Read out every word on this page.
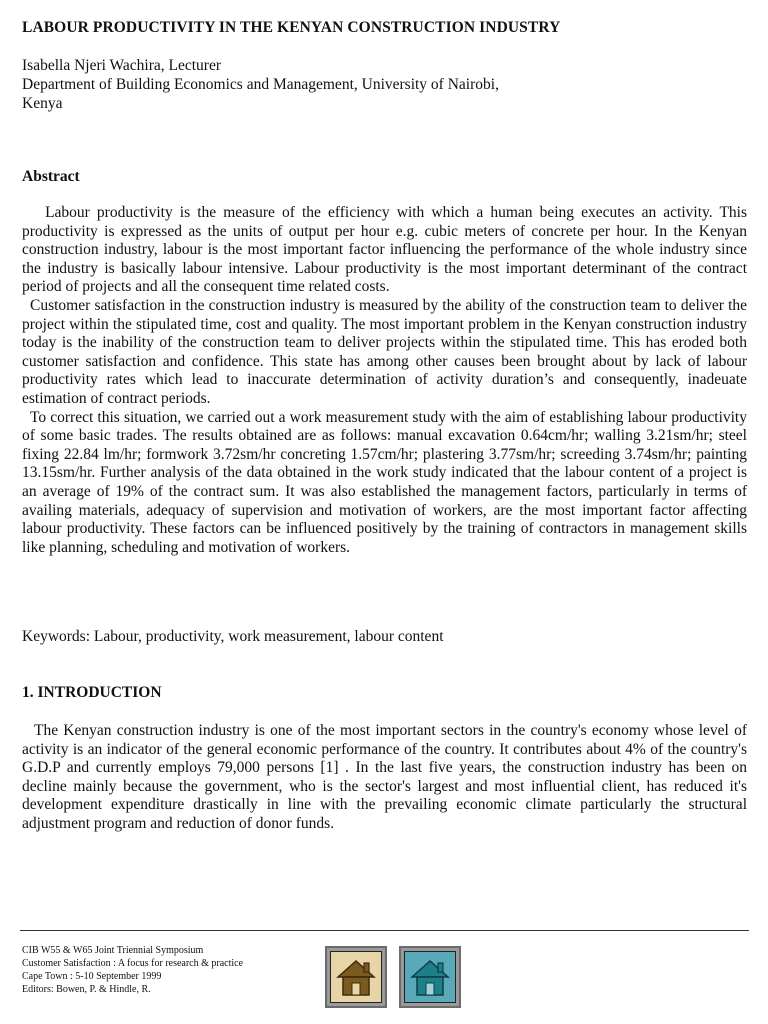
LABOUR PRODUCTIVITY IN THE KENYAN CONSTRUCTION INDUSTRY
Isabella Njeri Wachira, Lecturer
Department of Building Economics and Management, University of Nairobi,
Kenya
Abstract

Labour productivity is the measure of the efficiency with which a human being executes an activity. This productivity is expressed as the units of output per hour e.g. cubic meters of concrete per hour. In the Kenyan construction industry, labour is the most important factor influencing the performance of the whole industry since the industry is basically labour intensive. Labour productivity is the most important determinant of the contract period of projects and all the consequent time related costs.

Customer satisfaction in the construction industry is measured by the ability of the construction team to deliver the project within the stipulated time, cost and quality. The most important problem in the Kenyan construction industry today is the inability of the construction team to deliver projects within the stipulated time. This has eroded both customer satisfaction and confidence. This state has among other causes been brought about by lack of labour productivity rates which lead to inaccurate determination of activity duration’s and consequently, inadeuate estimation of contract periods.

To correct this situation, we carried out a work measurement study with the aim of establishing labour productivity of some basic trades. The results obtained are as follows: manual excavation 0.64cm/hr; walling 3.21sm/hr; steel fixing 22.84 lm/hr; formwork 3.72sm/hr concreting 1.57cm/hr; plastering 3.77sm/hr; screeding 3.74sm/hr; painting 13.15sm/hr. Further analysis of the data obtained in the work study indicated that the labour content of a project is an average of 19% of the contract sum. It was also established the management factors, particularly in terms of availing materials, adequacy of supervision and motivation of workers, are the most important factor affecting labour productivity. These factors can be influenced positively by the training of contractors in management skills like planning, scheduling and motivation of workers.

Keywords: Labour, productivity, work measurement, labour content
1. INTRODUCTION

The Kenyan construction industry is one of the most important sectors in the country's economy whose level of activity is an indicator of the general economic performance of the country. It contributes about 4% of the country's G.D.P and currently employs 79,000 persons [1] . In the last five years, the construction industry has been on decline mainly because the government, who is the sector's largest and most influential client, has reduced it's development expenditure drastically in line with the prevailing economic climate particularly the structural adjustment program and reduction of donor funds.

CIB W55 & W65 Joint Triennial Symposium
Customer Satisfaction : A focus for research & practice
Cape Town : 5-10 September 1999
Editors: Bowen, P. & Hindle, R.
